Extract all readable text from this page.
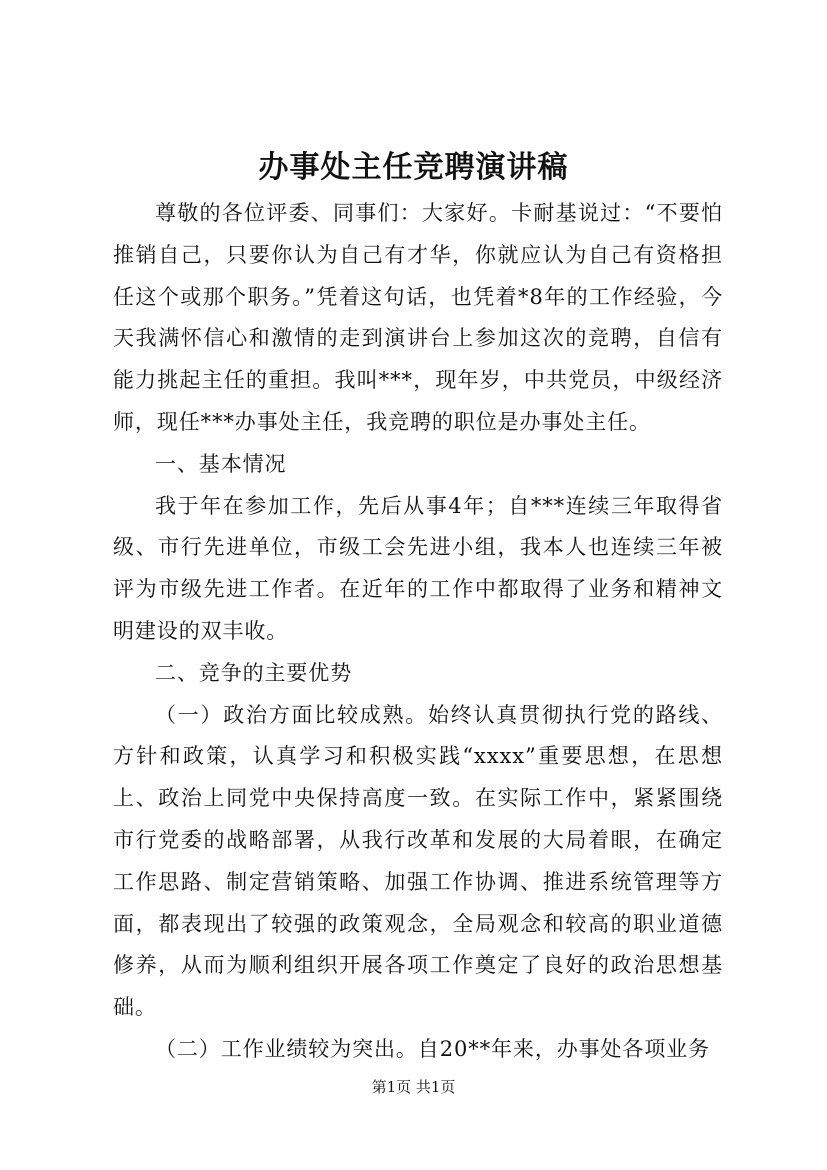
办事处主任竞聘演讲稿

尊敬的各位评委、同事们：大家好。卡耐基说过：“不要怕推销自己，只要你认为自己有才华，你就应认为自己有资格担任这个或那个职务。”凭着这句话，也凭着*8年的工作经验，今天我满怀信心和激情的走到演讲台上参加这次的竞聘，自信有能力挑起主任的重担。我叫***，现年岁，中共党员，中级经济师，现任***办事处主任，我竞聘的职位是办事处主任。

一、基本情况

我于年在参加工作，先后从事4年；自***连续三年取得省级、市行先进单位，市级工会先进小组，我本人也连续三年被评为市级先进工作者。在近年的工作中都取得了业务和精神文明建设的双丰收。

二、竞争的主要优势

（一）政治方面比较成熟。始终认真贯彻执行党的路线、方针和政策，认真学习和积极实践“xxxx”重要思想，在思想上、政治上同党中央保持高度一致。在实际工作中，紧紧围绕市行党委的战略部署，从我行改革和发展的大局着眼，在确定工作思路、制定营销策略、加强工作协调、推进系统管理等方面，都表现出了较强的政策观念，全局观念和较高的职业道德修养，从而为顺利组织开展各项工作奠定了良好的政治思想基础。

（二）工作业绩较为突出。自20**年来，办事处各项业务

第1页 共1页
